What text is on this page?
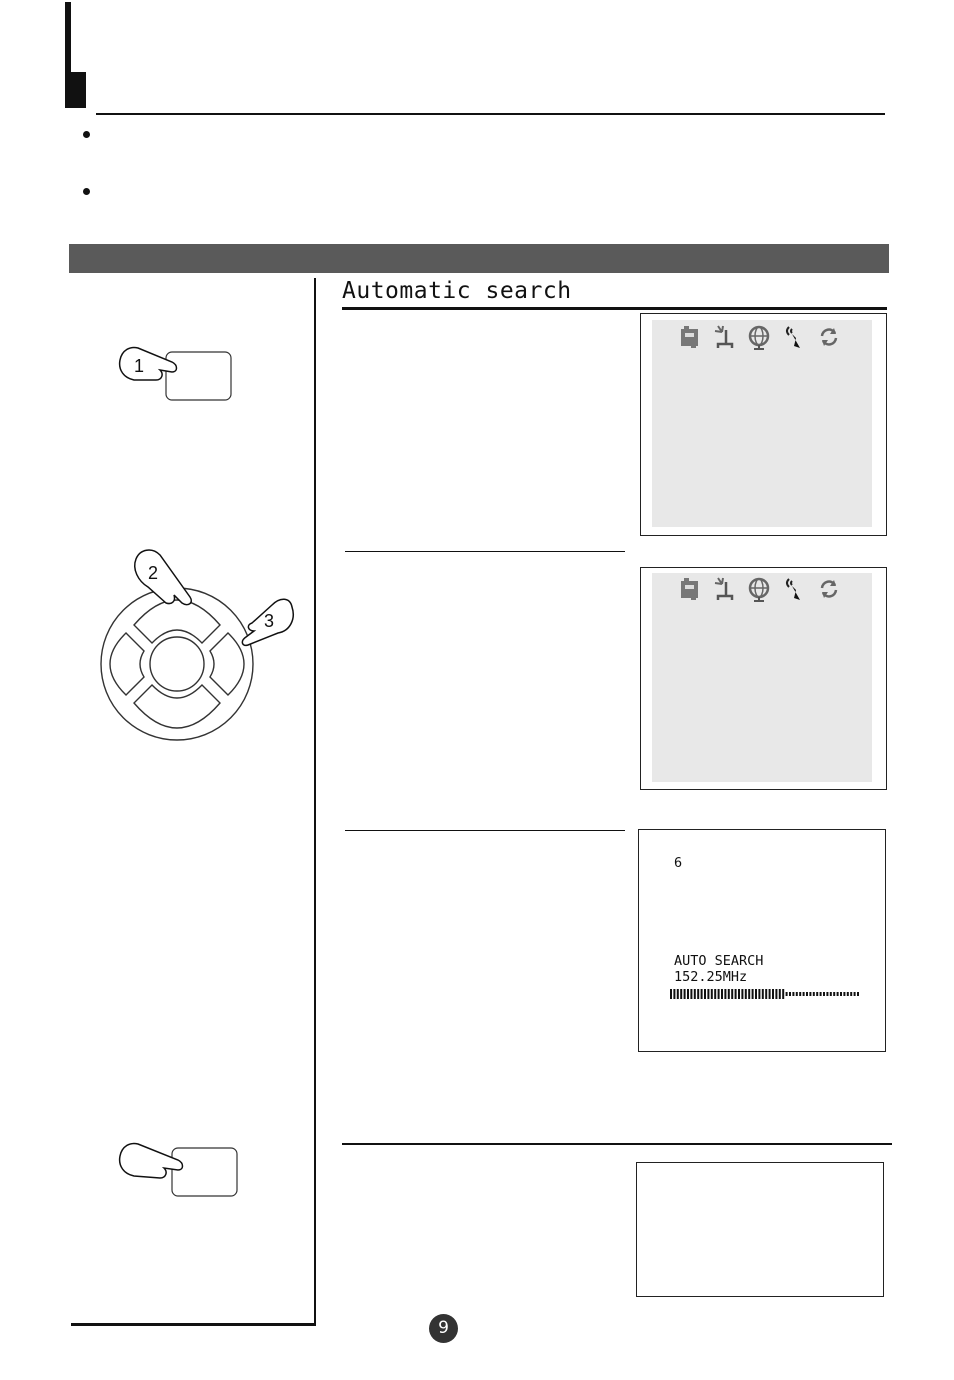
1
2
3
Automatic search
6
AUTO SEARCH
152.25MHz
9
